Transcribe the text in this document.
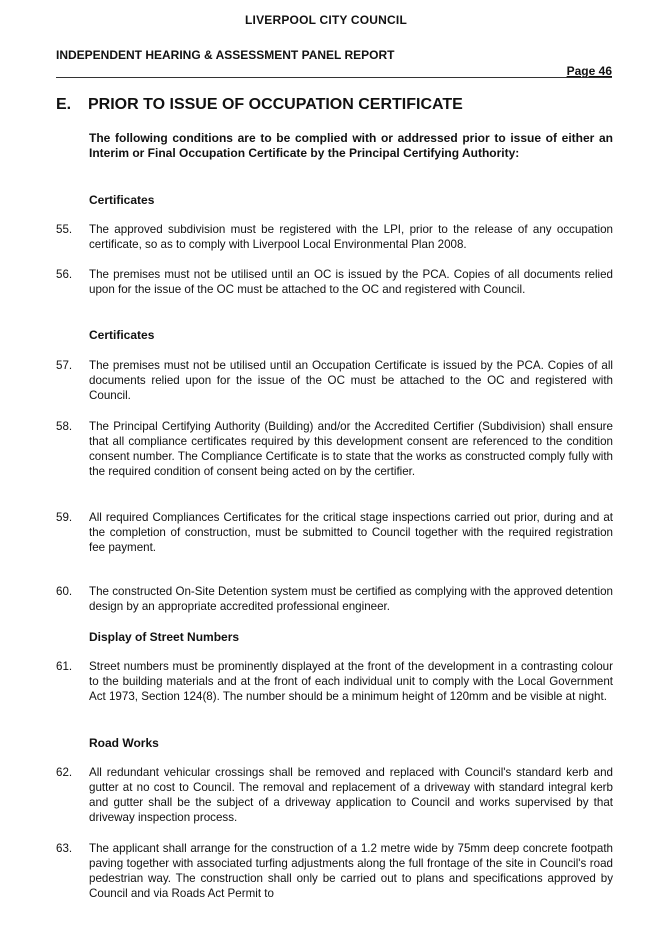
LIVERPOOL CITY COUNCIL
INDEPENDENT HEARING & ASSESSMENT PANEL REPORT
Page 46
E. PRIOR TO ISSUE OF OCCUPATION CERTIFICATE
The following conditions are to be complied with or addressed prior to issue of either an Interim or Final Occupation Certificate by the Principal Certifying Authority:
Certificates
55.	The approved subdivision must be registered with the LPI, prior to the release of any occupation certificate, so as to comply with Liverpool Local Environmental Plan 2008.
56.	The premises must not be utilised until an OC is issued by the PCA. Copies of all documents relied upon for the issue of the OC must be attached to the OC and registered with Council.
Certificates
57.	The premises must not be utilised until an Occupation Certificate is issued by the PCA. Copies of all documents relied upon for the issue of the OC must be attached to the OC and registered with Council.
58.	The Principal Certifying Authority (Building) and/or the Accredited Certifier (Subdivision) shall ensure that all compliance certificates required by this development consent are referenced to the condition consent number. The Compliance Certificate is to state that the works as constructed comply fully with the required condition of consent being acted on by the certifier.
59.	All required Compliances Certificates for the critical stage inspections carried out prior, during and at the completion of construction, must be submitted to Council together with the required registration fee payment.
60.	The constructed On-Site Detention system must be certified as complying with the approved detention design by an appropriate accredited professional engineer.
Display of Street Numbers
61.	Street numbers must be prominently displayed at the front of the development in a contrasting colour to the building materials and at the front of each individual unit to comply with the Local Government Act 1973, Section 124(8). The number should be a minimum height of 120mm and be visible at night.
Road Works
62.	All redundant vehicular crossings shall be removed and replaced with Council's standard kerb and gutter at no cost to Council. The removal and replacement of a driveway with standard integral kerb and gutter shall be the subject of a driveway application to Council and works supervised by that driveway inspection process.
63.	The applicant shall arrange for the construction of a 1.2 metre wide by 75mm deep concrete footpath paving together with associated turfing adjustments along the full frontage of the site in Council's road pedestrian way. The construction shall only be carried out to plans and specifications approved by Council and via Roads Act Permit to
